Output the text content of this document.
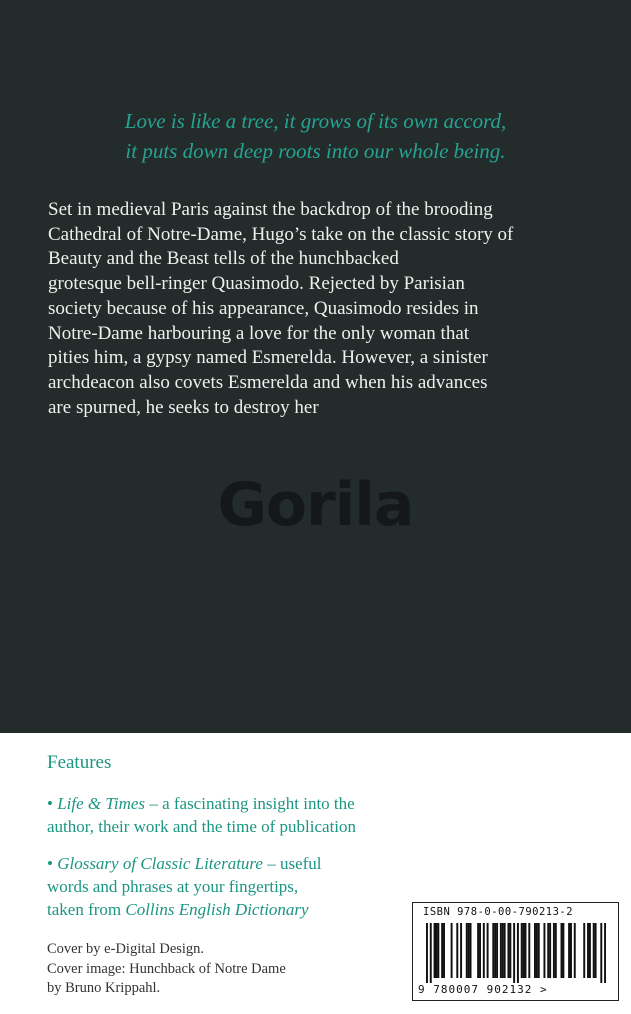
Love is like a tree, it grows of its own accord,
it puts down deep roots into our whole being.
Set in medieval Paris against the backdrop of the brooding
Cathedral of Notre-Dame, Hugo’s take on the classic story of
Beauty and the Beast tells of the hunchbacked
grotesque bell-ringer Quasimodo. Rejected by Parisian
society because of his appearance, Quasimodo resides in
Notre-Dame harbouring a love for the only woman that
pities him, a gypsy named Esmerelda. However, a sinister
archdeacon also covets Esmerelda and when his advances
are spurned, he seeks to destroy her
Gorila
Features
• Life & Times – a fascinating insight into the
author, their work and the time of publication
• Glossary of Classic Literature – useful
words and phrases at your fingertips,
taken from Collins English Dictionary
Cover by e-Digital Design.
Cover image: Hunchback of Notre Dame
by Bruno Krippahl.
ISBN 978-0-00-790213-2
9 780007 902132 >
